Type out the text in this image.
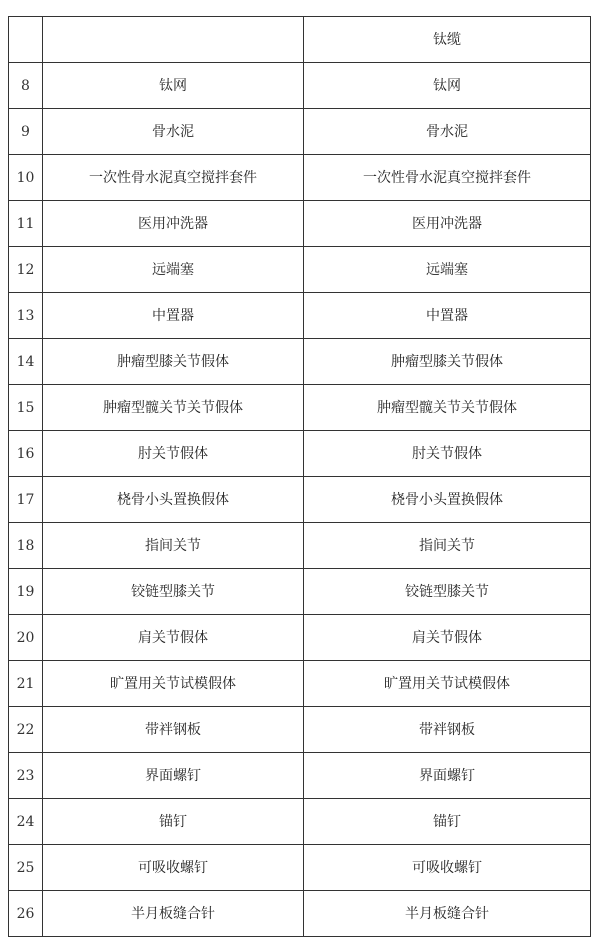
		钛缆
8	钛网	钛网
9	骨水泥	骨水泥
10	一次性骨水泥真空搅拌套件	一次性骨水泥真空搅拌套件
11	医用冲洗器	医用冲洗器
12	远端塞	远端塞
13	中置器	中置器
14	肿瘤型膝关节假体	肿瘤型膝关节假体
15	肿瘤型髋关节关节假体	肿瘤型髋关节关节假体
16	肘关节假体	肘关节假体
17	桡骨小头置换假体	桡骨小头置换假体
18	指间关节	指间关节
19	铰链型膝关节	铰链型膝关节
20	肩关节假体	肩关节假体
21	旷置用关节试模假体	旷置用关节试模假体
22	带袢钢板	带袢钢板
23	界面螺钉	界面螺钉
24	锚钉	锚钉
25	可吸收螺钉	可吸收螺钉
26	半月板缝合针	半月板缝合针
